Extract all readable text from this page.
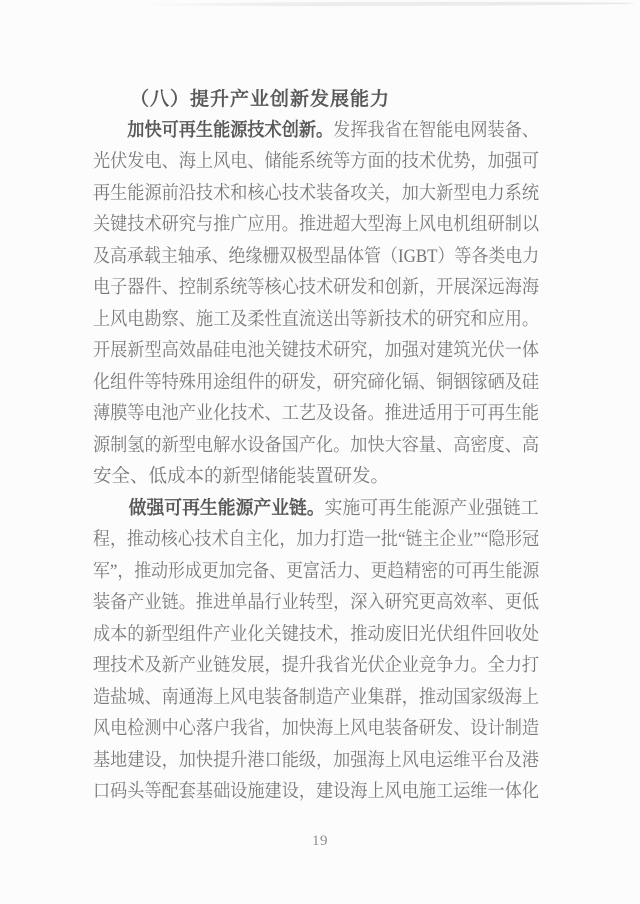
（八）提升产业创新发展能力
加快可再生能源技术创新。发挥我省在智能电网装备、
光伏发电、海上风电、储能系统等方面的技术优势，加强可
再生能源前沿技术和核心技术装备攻关，加大新型电力系统
关键技术研究与推广应用。推进超大型海上风电机组研制以
及高承载主轴承、绝缘栅双极型晶体管（IGBT）等各类电力
电子器件、控制系统等核心技术研发和创新，开展深远海海
上风电勘察、施工及柔性直流送出等新技术的研究和应用。
开展新型高效晶硅电池关键技术研究，加强对建筑光伏一体
化组件等特殊用途组件的研发，研究碲化镉、铜铟镓硒及硅
薄膜等电池产业化技术、工艺及设备。推进适用于可再生能
源制氢的新型电解水设备国产化。加快大容量、高密度、高
安全、低成本的新型储能装置研发。
做强可再生能源产业链。实施可再生能源产业强链工
程，推动核心技术自主化，加力打造一批“链主企业”“隐形冠
军”，推动形成更加完备、更富活力、更趋精密的可再生能源
装备产业链。推进单晶行业转型，深入研究更高效率、更低
成本的新型组件产业化关键技术，推动废旧光伏组件回收处
理技术及新产业链发展，提升我省光伏企业竞争力。全力打
造盐城、南通海上风电装备制造产业集群，推动国家级海上
风电检测中心落户我省，加快海上风电装备研发、设计制造
基地建设，加快提升港口能级，加强海上风电运维平台及港
口码头等配套基础设施建设，建设海上风电施工运维一体化
19
